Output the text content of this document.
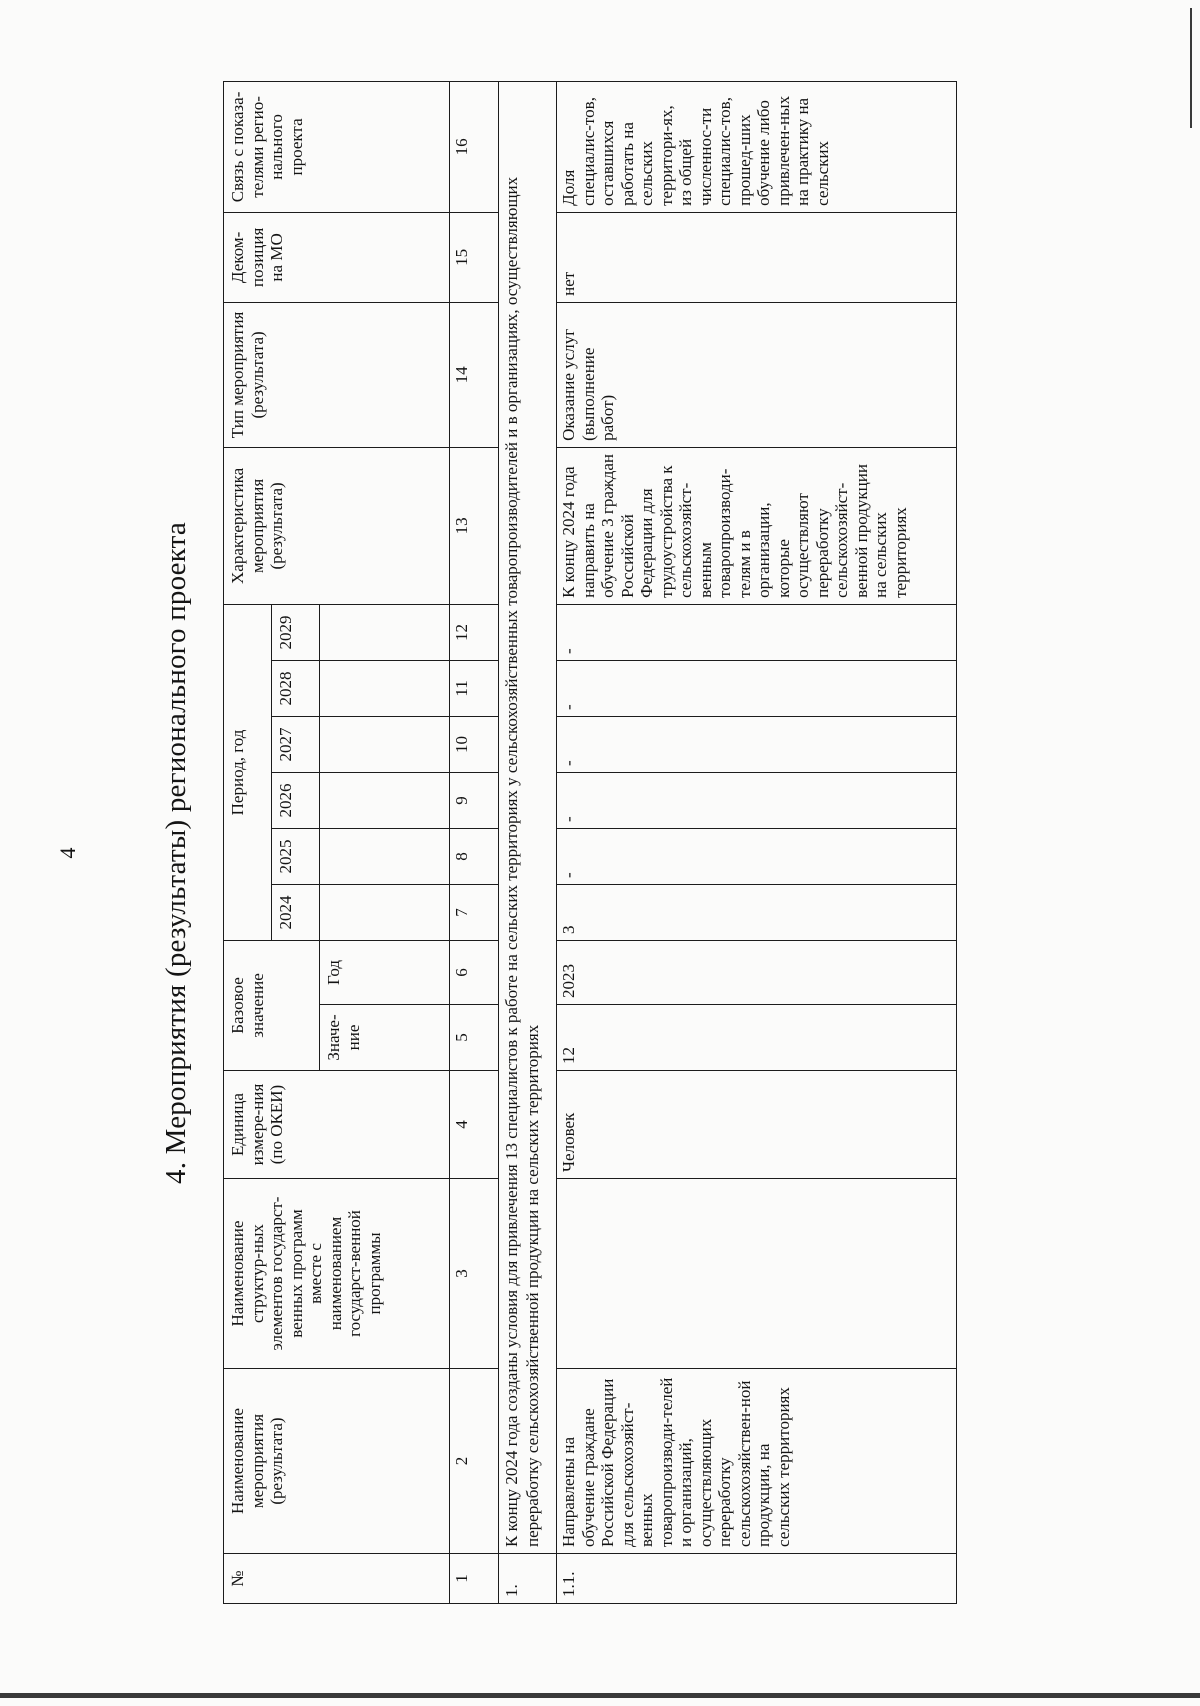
4	4. Мероприятия (результаты) регионального проекта
№	Наименование мероприятия (результата)	Наименование структур-ных элементов государст-венных программ вместе с наименованием государст-венной программы	Единица измере-ния (по ОКЕИ)	Базовое значение		Период, год						Характеристика мероприятия (результата)	Тип мероприятия (результата)	Деком-позиция на МО	Связь с показа-телями регио-нального проекта
						2024	2025	2026	2027	2028	2029				
				Значе-ние	Год										
1	2	3	4	5	6	7	8	9	10	11	12	13	14	15	16
1.	К концу 2024 года созданы условия для привлечения 13 специалистов к работе на сельских территориях у сельскохозяйственных товаропроизводителей и в организациях, осуществляющих переработку сельскохозяйственной продукции на сельских территориях														
1.1.	Направлены на обучение граждане Российской Федерации для сельскохозяйст-венных товаропроизводи-телей и организаций, осуществляющих переработку сельскохозяйствен-ной продукции, на сельских территориях		Человек	12	2023	3	-	-	-	-	-	К концу 2024 года направить на обучение 3 граждан Российской Федерации для трудоустройства к сельскохозяйст-венным товаропроизводи-телям и в организации, которые осуществляют переработку сельскохозяйст-венной продукции на сельских территориях	Оказание услуг (выполнение работ)	нет	Доля специалис-тов, оставшихся работать на сельских территори-ях, из общей численнос-ти специалис-тов, прошед-ших обучение либо привлечен-ных на практику на сельских
